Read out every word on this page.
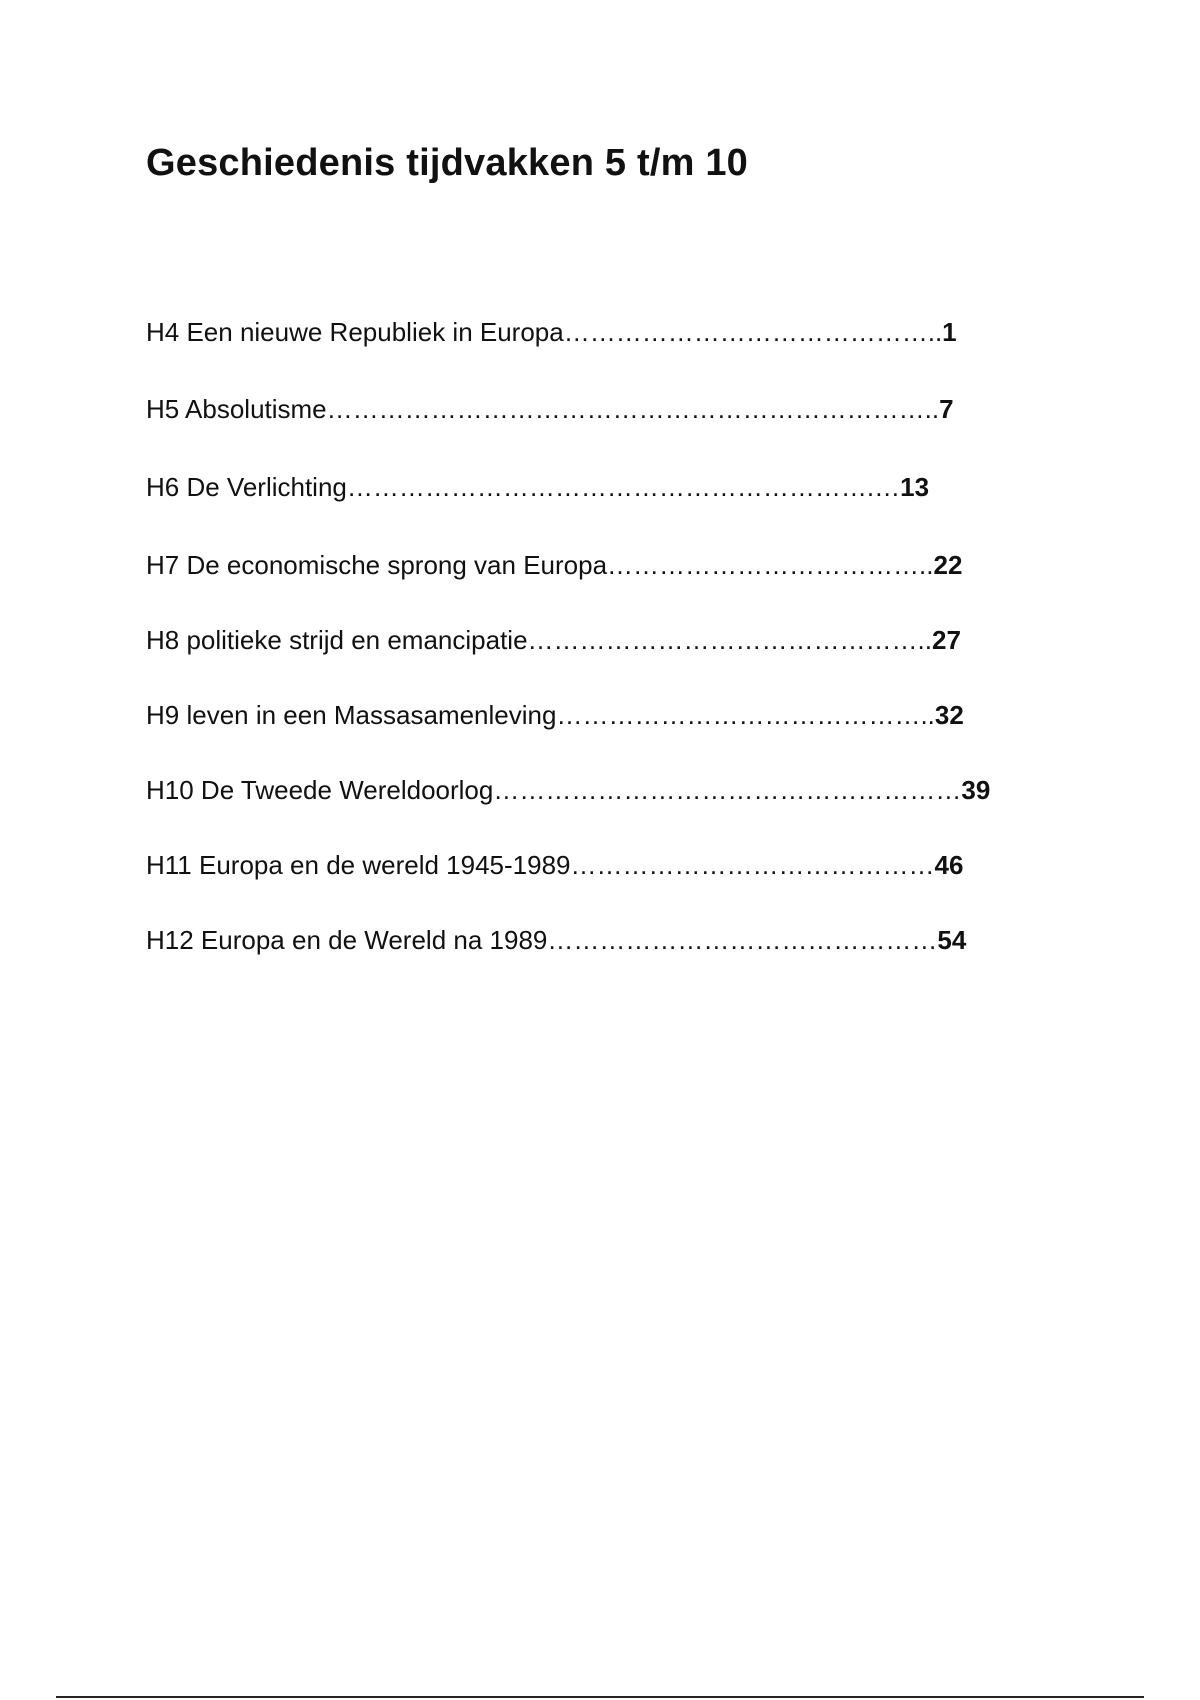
Geschiedenis tijdvakken 5 t/m 10
H4 Een nieuwe Republiek in Europa……………………………………..1
H5 Absolutisme……………………………………………………………..7
H6 De Verlichting…………………………………………………….…13
H7 De economische sprong van Europa………………………………..22
H8 politieke strijd en emancipatie………………………………………..27
H9 leven in een Massasamenleving……………………………………..32
H10 De Tweede Wereldoorlog………………………………………………39
H11 Europa en de wereld 1945-1989……………………………………46
H12 Europa en de Wereld na 1989………………………………………54
